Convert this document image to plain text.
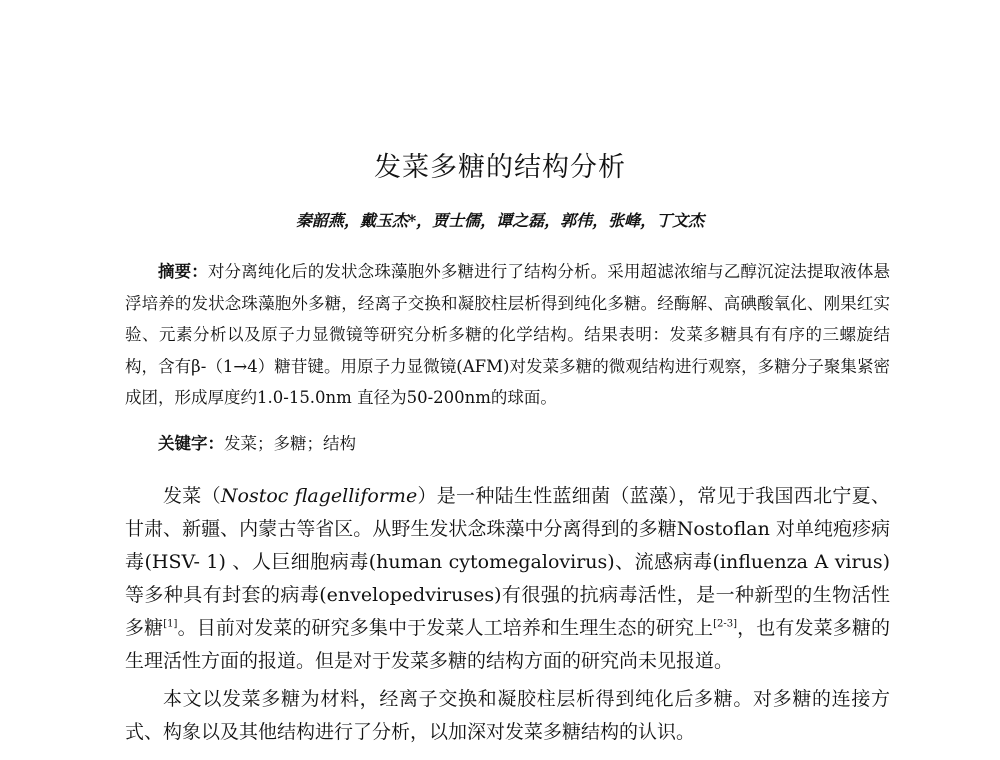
发菜多糖的结构分析
秦韶燕，戴玉杰*，贾士儒，谭之磊，郭伟，张峰，丁文杰
摘要：对分离纯化后的发状念珠藻胞外多糖进行了结构分析。采用超滤浓缩与乙醇沉淀法提取液体悬浮培养的发状念珠藻胞外多糖，经离子交换和凝胶柱层析得到纯化多糖。经酶解、高碘酸氧化、刚果红实验、元素分析以及原子力显微镜等研究分析多糖的化学结构。结果表明：发菜多糖具有有序的三螺旋结构，含有β-（1→4）糖苷键。用原子力显微镜(AFM)对发菜多糖的微观结构进行观察，多糖分子聚集紧密成团，形成厚度约1.0-15.0nm 直径为50-200nm的球面。
关键字：发菜；多糖；结构

发菜（Nostoc flagelliforme）是一种陆生性蓝细菌（蓝藻），常见于我国西北宁夏、甘肃、新疆、内蒙古等省区。从野生发状念珠藻中分离得到的多糖Nostoflan 对单纯疱疹病毒(HSV- 1) 、人巨细胞病毒(human cytomegalovirus)、流感病毒(influenza A virus) 等多种具有封套的病毒(envelopedviruses)有很强的抗病毒活性，是一种新型的生物活性多糖[1]。目前对发菜的研究多集中于发菜人工培养和生理生态的研究上[2-3]，也有发菜多糖的生理活性方面的报道。但是对于发菜多糖的结构方面的研究尚未见报道。

本文以发菜多糖为材料，经离子交换和凝胶柱层析得到纯化后多糖。对多糖的连接方式、构象以及其他结构进行了分析，以加深对发菜多糖结构的认识。
